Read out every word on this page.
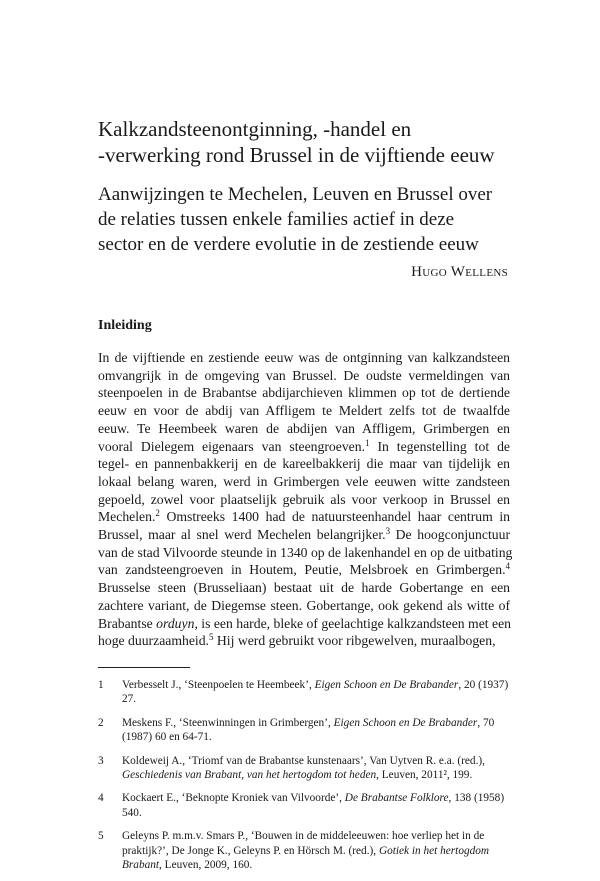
Kalkzandsteenontginning, -handel en
-verwerking rond Brussel in de vijftiende eeuw
Aanwijzingen te Mechelen, Leuven en Brussel over
de relaties tussen enkele families actief in deze
sector en de verdere evolutie in de zestiende eeuw
Hugo Wellens
Inleiding
In de vijftiende en zestiende eeuw was de ontginning van kalkzandsteen
omvangrijk in de omgeving van Brussel. De oudste vermeldingen van
steenpoelen in de Brabantse abdijarchieven klimmen op tot de dertiende
eeuw en voor de abdij van Affligem te Meldert zelfs tot de twaalfde
eeuw. Te Heembeek waren de abdijen van Affligem, Grimbergen en
vooral Dielegem eigenaars van steengroeven.$^1$ In tegenstelling tot de
tegel- en pannenbakkerij en de kareelbakkerij die maar van tijdelijk en
lokaal belang waren, werd in Grimbergen vele eeuwen witte zandsteen
gepoeld, zowel voor plaatselijk gebruik als voor verkoop in Brussel en
Mechelen.$^2$ Omstreeks 1400 had de natuursteenhandel haar centrum in
Brussel, maar al snel werd Mechelen belangrijker.$^3$ De hoogconjunctuur
van de stad Vilvoorde steunde in 1340 op de lakenhandel en op de uitbating
van zandsteengroeven in Houtem, Peutie, Melsbroek en Grimbergen.$^4$
Brusselse steen (Brusseliaan) bestaat uit de harde Gobertange en een
zachtere variant, de Diegemse steen. Gobertange, ook gekend als witte of
Brabantse orduyn, is een harde, bleke of geelachtige kalkzandsteen met een
hoge duurzaamheid.$^5$ Hij werd gebruikt voor ribgewelven, muraalbogen,
1 Verbesselt J., ‘Steenpoelen te Heembeek’, Eigen Schoon en De Brabander, 20 (1937) 27.
2 Meskens F., ‘Steenwinningen in Grimbergen’, Eigen Schoon en De Brabander, 70
(1987) 60 en 64-71.
3 Koldeweij A., ‘Triomf van de Brabantse kunstenaars’, Van Uytven R. e.a. (red.),
Geschiedenis van Brabant, van het hertogdom tot heden, Leuven, 2011², 199.
4 Kockaert E., ‘Beknopte Kroniek van Vilvoorde’, De Brabantse Folklore, 138 (1958)
540.
5 Geleyns P. m.m.v. Smars P., ‘Bouwen in de middeleeuwen: hoe verliep het in de
praktijk?’, De Jonge K., Geleyns P. en Hörsch M. (red.), Gotiek in het hertogdom
Brabant, Leuven, 2009, 160.
